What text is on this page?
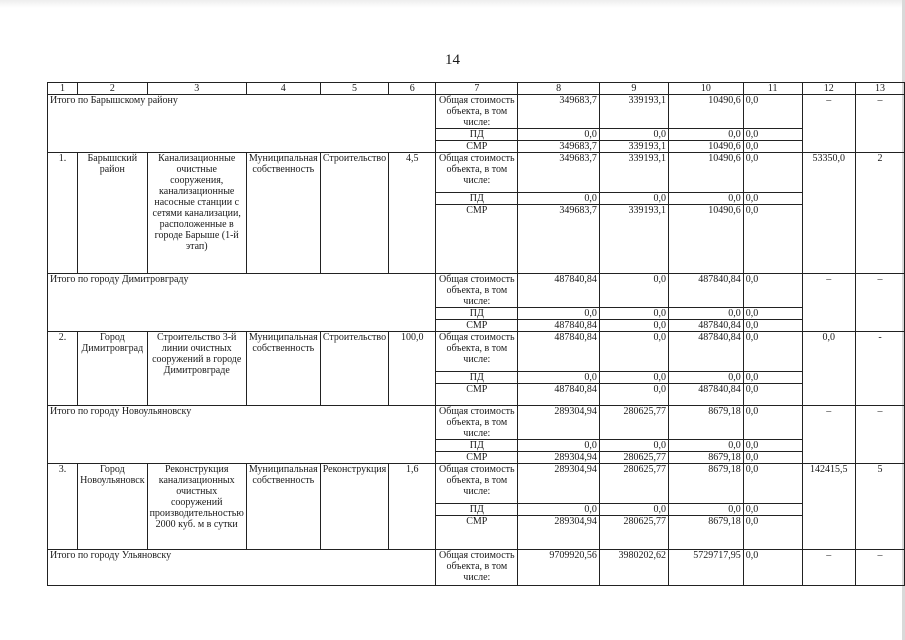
14
1	2	3	4	5	6	7	8	9	10	11	12	13
Итого по Барышскому району						Общая стоимость объекта, в том числе:	349683,7	339193,1	10490,6	0,0	–	–
						ПД	0,0	0,0	0,0	0,0		
						СМР	349683,7	339193,1	10490,6	0,0		
1.	Барышский район	Канализационные очистные сооружения, канализационные насосные станции с сетями канализации, расположенные в городе Барыше (1-й этап)	Муниципальная собственность	Строительство	4,5	Общая стоимость объекта, в том числе:	349683,7	339193,1	10490,6	0,0	53350,0	2
						ПД	0,0	0,0	0,0	0,0		
						СМР	349683,7	339193,1	10490,6	0,0		
Итого по городу Димитровграду						Общая стоимость объекта, в том числе:	487840,84	0,0	487840,84	0,0	–	–
						ПД	0,0	0,0	0,0	0,0		
						СМР	487840,84	0,0	487840,84	0,0		
2.	Город Димитровград	Строительство 3-й линии очистных сооружений в городе Димитровграде	Муниципальная собственность	Строительство	100,0	Общая стоимость объекта, в том числе:	487840,84	0,0	487840,84	0,0	0,0	-
						ПД	0,0	0,0	0,0	0,0		
						СМР	487840,84	0,0	487840,84	0,0		
Итого по городу Новоульяновску						Общая стоимость объекта, в том числе:	289304,94	280625,77	8679,18	0,0	–	–
						ПД	0,0	0,0	0,0	0,0		
						СМР	289304,94	280625,77	8679,18	0,0		
3.	Город Новоульяновск	Реконструкция канализационных очистных сооружений производительностью 2000 куб. м в сутки	Муниципальная собственность	Реконструкция	1,6	Общая стоимость объекта, в том числе:	289304,94	280625,77	8679,18	0,0	142415,5	5
						ПД	0,0	0,0	0,0	0,0		
						СМР	289304,94	280625,77	8679,18	0,0		
Итого по городу Ульяновску						Общая стоимость объекта, в том числе:	9709920,56	3980202,62	5729717,95	0,0	–	–
